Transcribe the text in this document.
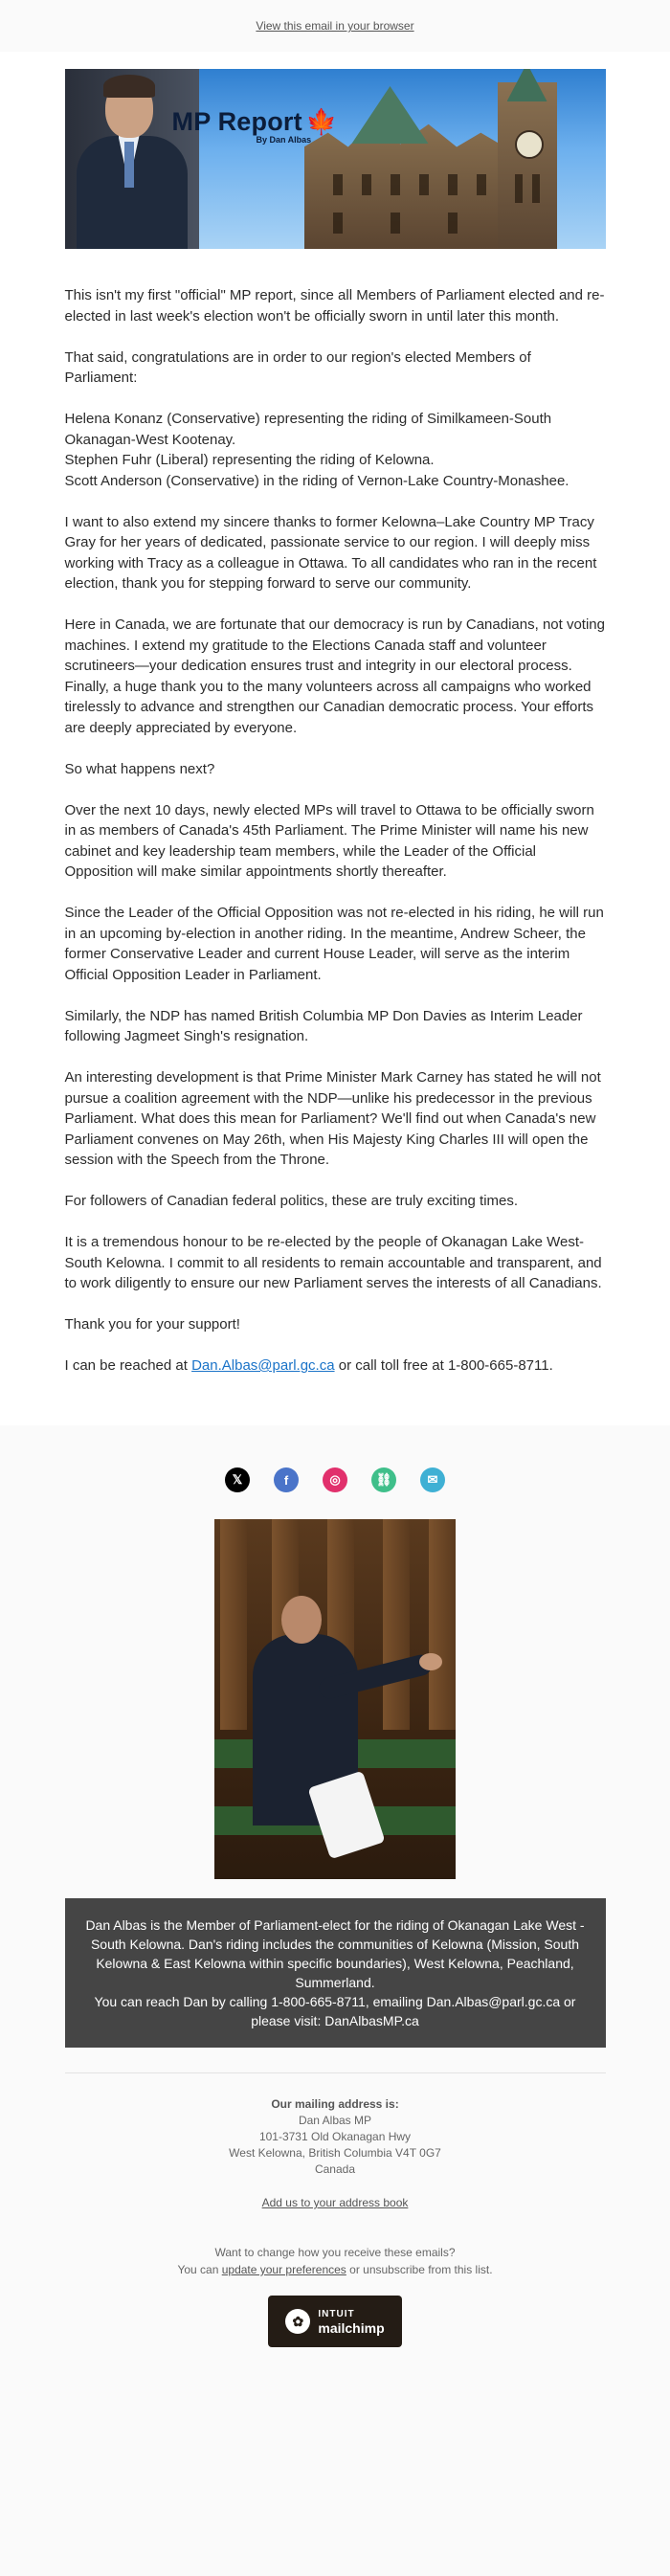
View this email in your browser
MP Report 🍁
By Dan Albas

This isn't my first "official" MP report, since all Members of Parliament elected and re-elected in last week's election won't be officially sworn in until later this month.

That said, congratulations are in order to our region's elected Members of Parliament:

Helena Konanz (Conservative) representing the riding of Similkameen-South Okanagan-West Kootenay.
Stephen Fuhr (Liberal) representing the riding of Kelowna.
Scott Anderson (Conservative) in the riding of Vernon-Lake Country-Monashee.

I want to also extend my sincere thanks to former Kelowna–Lake Country MP Tracy Gray for her years of dedicated, passionate service to our region. I will deeply miss working with Tracy as a colleague in Ottawa. To all candidates who ran in the recent election, thank you for stepping forward to serve our community.

Here in Canada, we are fortunate that our democracy is run by Canadians, not voting machines. I extend my gratitude to the Elections Canada staff and volunteer scrutineers—your dedication ensures trust and integrity in our electoral process. Finally, a huge thank you to the many volunteers across all campaigns who worked tirelessly to advance and strengthen our Canadian democratic process. Your efforts are deeply appreciated by everyone.

So what happens next?

Over the next 10 days, newly elected MPs will travel to Ottawa to be officially sworn in as members of Canada's 45th Parliament. The Prime Minister will name his new cabinet and key leadership team members, while the Leader of the Official Opposition will make similar appointments shortly thereafter.

Since the Leader of the Official Opposition was not re-elected in his riding, he will run in an upcoming by-election in another riding. In the meantime, Andrew Scheer, the former Conservative Leader and current House Leader, will serve as the interim Official Opposition Leader in Parliament.

Similarly, the NDP has named British Columbia MP Don Davies as Interim Leader following Jagmeet Singh's resignation.

An interesting development is that Prime Minister Mark Carney has stated he will not pursue a coalition agreement with the NDP—unlike his predecessor in the previous Parliament. What does this mean for Parliament? We'll find out when Canada's new Parliament convenes on May 26th, when His Majesty King Charles III will open the session with the Speech from the Throne.

For followers of Canadian federal politics, these are truly exciting times.

It is a tremendous honour to be re-elected by the people of Okanagan Lake West-South Kelowna. I commit to all residents to remain accountable and transparent, and to work diligently to ensure our new Parliament serves the interests of all Canadians.

Thank you for your support!

I can be reached at Dan.Albas@parl.gc.ca or call toll free at 1-800-665-8711.

𝕏	f	◎	⛓	✉
Dan Albas is the Member of Parliament-elect for the riding of Okanagan Lake West - South Kelowna. Dan's riding includes the communities of Kelowna (Mission, South Kelowna & East Kelowna within specific boundaries), West Kelowna, Peachland, Summerland.
You can reach Dan by calling 1-800-665-8711, emailing Dan.Albas@parl.gc.ca or please visit: DanAlbasMP.ca
Our mailing address is:
Dan Albas MP
101-3731 Old Okanagan Hwy
West Kelowna, British Columbia V4T 0G7
Canada
Add us to your address book
Want to change how you receive these emails?
You can update your preferences or unsubscribe from this list.
✿	INTUIT
mailchimp
